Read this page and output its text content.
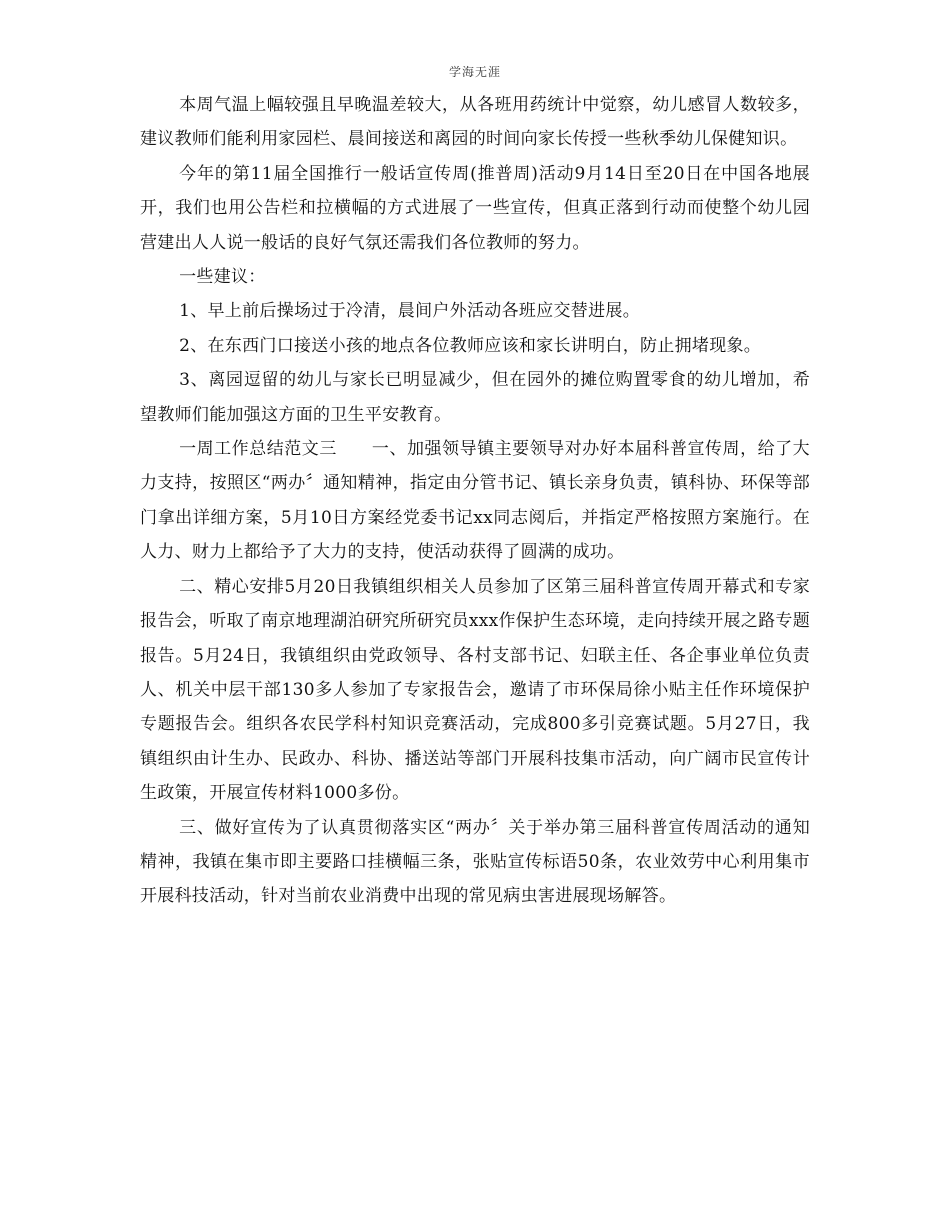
学海无涯

本周气温上幅较强且早晚温差较大，从各班用药统计中觉察，幼儿感冒人数较多，建议教师们能利用家园栏、晨间接送和离园的时间向家长传授一些秋季幼儿保健知识。

今年的第11届全国推行一般话宣传周(推普周)活动9月14日至20日在中国各地展开，我们也用公告栏和拉横幅的方式进展了一些宣传，但真正落到行动而使整个幼儿园营建出人人说一般话的良好气氛还需我们各位教师的努力。

一些建议：

1、早上前后操场过于冷清，晨间户外活动各班应交替进展。

2、在东西门口接送小孩的地点各位教师应该和家长讲明白，防止拥堵现象。

3、离园逗留的幼儿与家长已明显减少，但在园外的摊位购置零食的幼儿增加，希望教师们能加强这方面的卫生平安教育。

一周工作总结范文三　　一、加强领导镇主要领导对办好本届科普宣传周，给了大力支持，按照区“两办〞通知精神，指定由分管书记、镇长亲身负责，镇科协、环保等部门拿出详细方案，5月10日方案经党委书记xx同志阅后，并指定严格按照方案施行。在人力、财力上都给予了大力的支持，使活动获得了圆满的成功。

二、精心安排5月20日我镇组织相关人员参加了区第三届科普宣传周开幕式和专家报告会，听取了南京地理湖泊研究所研究员xxx作保护生态环境，走向持续开展之路专题报告。5月24日，我镇组织由党政领导、各村支部书记、妇联主任、各企事业单位负责人、机关中层干部130多人参加了专家报告会，邀请了市环保局徐小贴主任作环境保护专题报告会。组织各农民学科村知识竞赛活动，完成800多引竞赛试题。5月27日，我镇组织由计生办、民政办、科协、播送站等部门开展科技集市活动，向广阔市民宣传计生政策，开展宣传材料1000多份。

三、做好宣传为了认真贯彻落实区“两办〞关于举办第三届科普宣传周活动的通知精神，我镇在集市即主要路口挂横幅三条，张贴宣传标语50条，农业效劳中心利用集市开展科技活动，针对当前农业消费中出现的常见病虫害进展现场解答。
